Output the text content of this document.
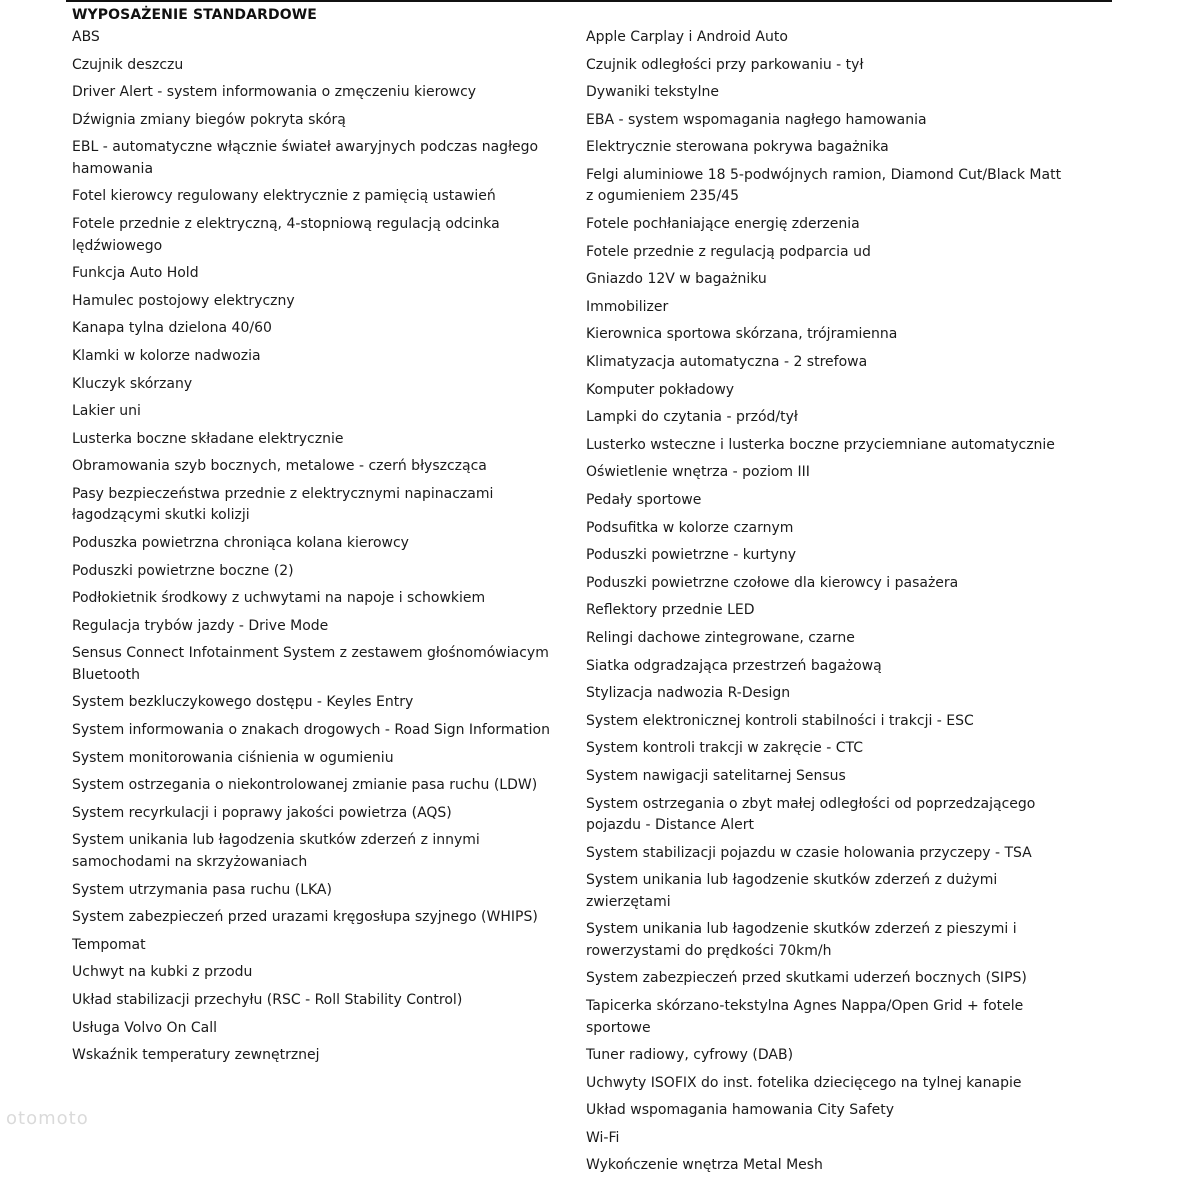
WYPOSAŻENIE STANDARDOWE
ABS
Czujnik deszczu
Driver Alert - system informowania o zmęczeniu kierowcy
Dźwignia zmiany biegów pokryta skórą
EBL - automatyczne włącznie świateł awaryjnych podczas nagłego hamowania
Fotel kierowcy regulowany elektrycznie z pamięcią ustawień
Fotele przednie z elektryczną, 4-stopniową regulacją odcinka lędźwiowego
Funkcja Auto Hold
Hamulec postojowy elektryczny
Kanapa tylna dzielona 40/60
Klamki w kolorze nadwozia
Kluczyk skórzany
Lakier uni
Lusterka boczne składane elektrycznie
Obramowania szyb bocznych, metalowe - czerń błyszcząca
Pasy bezpieczeństwa przednie z elektrycznymi napinaczami łagodzącymi skutki kolizji
Poduszka powietrzna chroniąca kolana kierowcy
Poduszki powietrzne boczne (2)
Podłokietnik środkowy z uchwytami na napoje i schowkiem
Regulacja trybów jazdy - Drive Mode
Sensus Connect Infotainment System z zestawem głośnomówiacym Bluetooth
System bezkluczykowego dostępu - Keyles Entry
System informowania o znakach drogowych - Road Sign Information
System monitorowania ciśnienia w ogumieniu
System ostrzegania o niekontrolowanej zmianie pasa ruchu (LDW)
System recyrkulacji i poprawy jakości powietrza (AQS)
System unikania lub łagodzenia skutków zderzeń z innymi samochodami na skrzyżowaniach
System utrzymania pasa ruchu (LKA)
System zabezpieczeń przed urazami kręgosłupa szyjnego (WHIPS)
Tempomat
Uchwyt na kubki z przodu
Układ stabilizacji przechyłu (RSC - Roll Stability Control)
Usługa Volvo On Call
Wskaźnik temperatury zewnętrznej
Apple Carplay i Android Auto
Czujnik odległości przy parkowaniu - tył
Dywaniki tekstylne
EBA - system wspomagania nagłego hamowania
Elektrycznie sterowana pokrywa bagażnika
Felgi aluminiowe 18 5-podwójnych ramion, Diamond Cut/Black Matt z ogumieniem 235/45
Fotele pochłaniające energię zderzenia
Fotele przednie z regulacją podparcia ud
Gniazdo 12V w bagażniku
Immobilizer
Kierownica sportowa skórzana, trójramienna
Klimatyzacja automatyczna - 2 strefowa
Komputer pokładowy
Lampki do czytania - przód/tył
Lusterko wsteczne i lusterka boczne przyciemniane automatycznie
Oświetlenie wnętrza - poziom III
Pedały sportowe
Podsufitka w kolorze czarnym
Poduszki powietrzne - kurtyny
Poduszki powietrzne czołowe dla kierowcy i pasażera
Reflektory przednie LED
Relingi dachowe zintegrowane, czarne
Siatka odgradzająca przestrzeń bagażową
Stylizacja nadwozia R-Design
System elektronicznej kontroli stabilności i trakcji - ESC
System kontroli trakcji w zakręcie - CTC
System nawigacji satelitarnej Sensus
System ostrzegania o zbyt małej odległości od poprzedzającego pojazdu - Distance Alert
System stabilizacji pojazdu w czasie holowania przyczepy - TSA
System unikania lub łagodzenie skutków zderzeń z dużymi zwierzętami
System unikania lub łagodzenie skutków zderzeń z pieszymi i rowerzystami do prędkości 70km/h
System zabezpieczeń przed skutkami uderzeń bocznych (SIPS)
Tapicerka skórzano-tekstylna Agnes Nappa/Open Grid + fotele sportowe
Tuner radiowy, cyfrowy (DAB)
Uchwyty ISOFIX do inst. fotelika dziecięcego na tylnej kanapie
Układ wspomagania hamowania City Safety
Wi-Fi
Wykończenie wnętrza Metal Mesh
otomoto
